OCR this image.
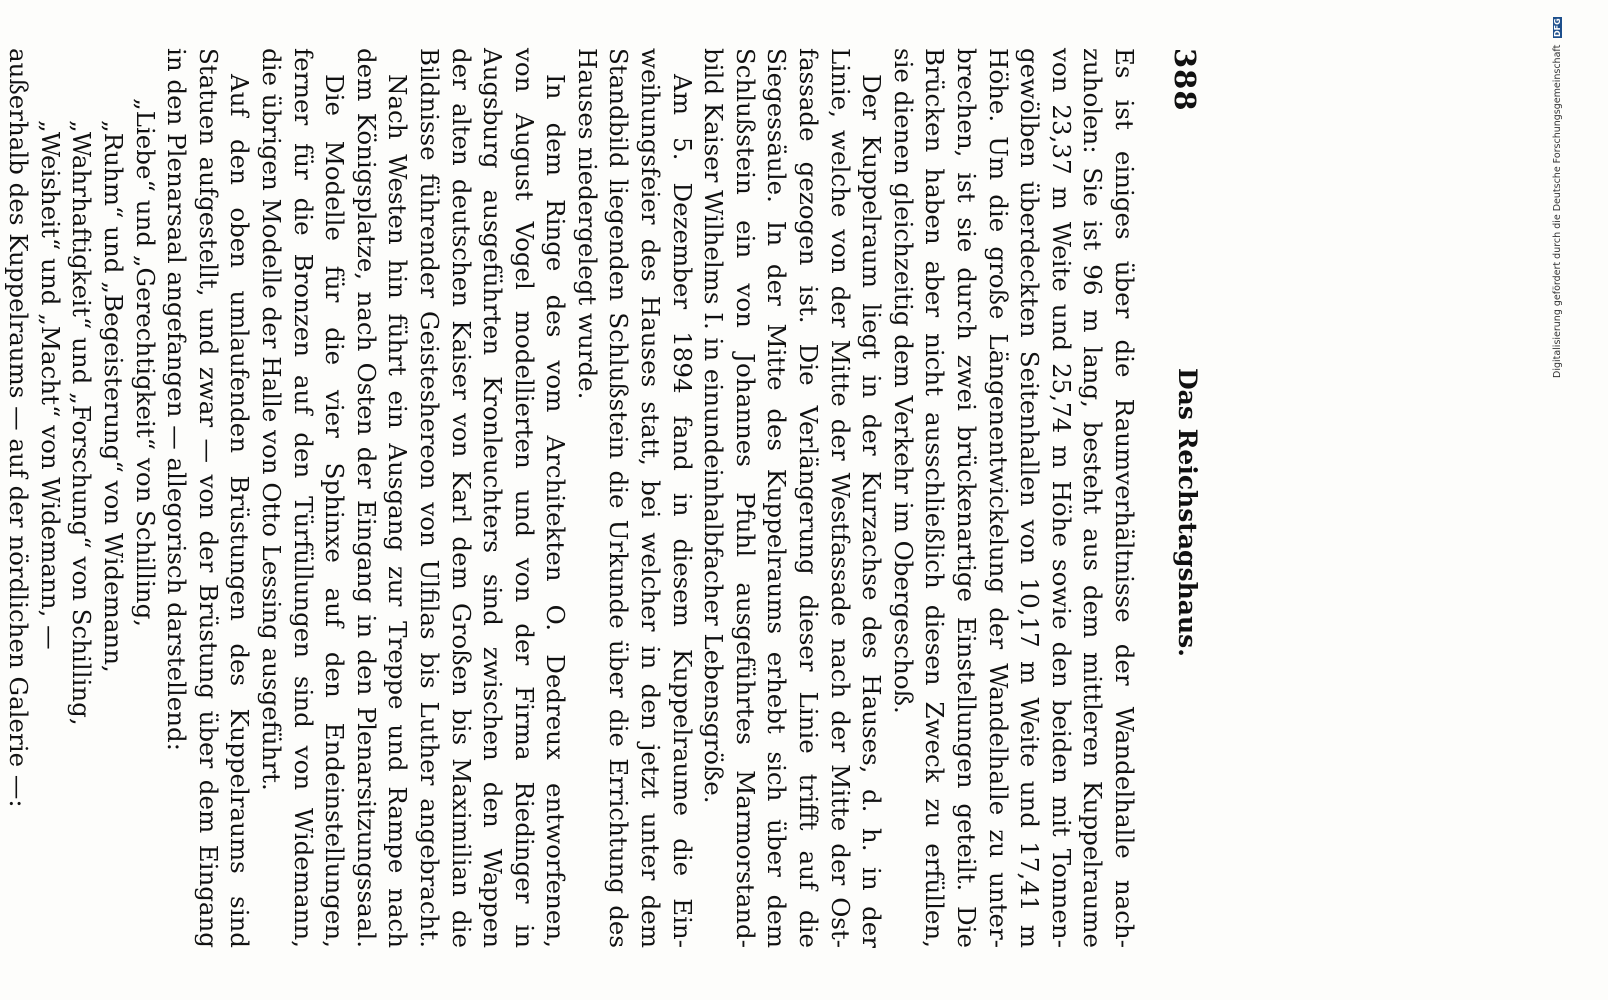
388
Das Reichstagshaus.
Es ist einiges über die Raumverhältnisse der Wandelhalle nach-
zuholen: Sie ist 96 m lang, besteht aus dem mittleren Kuppelraume
von 23,37 m Weite und 25,74 m Höhe sowie den beiden mit Tonnen-
gewölben überdeckten Seitenhallen von 10,17 m Weite und 17,41 m
Höhe. Um die große Längenentwickelung der Wandelhalle zu unter-
brechen, ist sie durch zwei brückenartige Einstellungen geteilt. Die
Brücken haben aber nicht ausschließlich diesen Zweck zu erfüllen,
sie dienen gleichzeitig dem Verkehr im Obergeschoß.
Der Kuppelraum liegt in der Kurzachse des Hauses, d. h. in der
Linie, welche von der Mitte der Westfassade nach der Mitte der Ost-
fassade gezogen ist. Die Verlängerung dieser Linie trifft auf die
Siegessäule. In der Mitte des Kuppelraums erhebt sich über dem
Schlußstein ein von Johannes Pfuhl ausgeführtes Marmorstand-
bild Kaiser Wilhelms I. in einundeinhalbfacher Lebensgröße.
Am 5. Dezember 1894 fand in diesem Kuppelraume die Ein-
weihungsfeier des Hauses statt, bei welcher in den jetzt unter dem
Standbild liegenden Schlußstein die Urkunde über die Errichtung des
Hauses niedergelegt wurde.
In dem Ringe des vom Architekten O. Dedreux entworfenen,
von August Vogel modellierten und von der Firma Riedinger in
Augsburg ausgeführten Kronleuchters sind zwischen den Wappen
der alten deutschen Kaiser von Karl dem Großen bis Maximilian die
Bildnisse führender Geisteshereon von Ulfilas bis Luther angebracht.
Nach Westen hin führt ein Ausgang zur Treppe und Rampe nach
dem Königsplatze, nach Osten der Eingang in den Plenarsitzungssaal.
Die Modelle für die vier Sphinxe auf den Endeinstellungen,
ferner für die Bronzen auf den Türfüllungen sind von Widemann,
die übrigen Modelle der Halle von Otto Lessing ausgeführt.
Auf den oben umlaufenden Brüstungen des Kuppelraums sind
Statuen aufgestellt, und zwar — von der Brüstung über dem Eingang
in den Plenarsaal angefangen — allegorisch darstellend:
„Liebe“ und „Gerechtigkeit“ von Schilling,
„Ruhm“ und „Begeisterung“ von Widemann,
„Wahrhaftigkeit“ und „Forschung“ von Schilling,
„Weisheit“ und „Macht“ von Widemann, —
außerhalb des Kuppelraums — auf der nördlichen Galerie —:	Digitalisierung gefördert durch die Deutsche Forschungsgemeinschaft DFG
